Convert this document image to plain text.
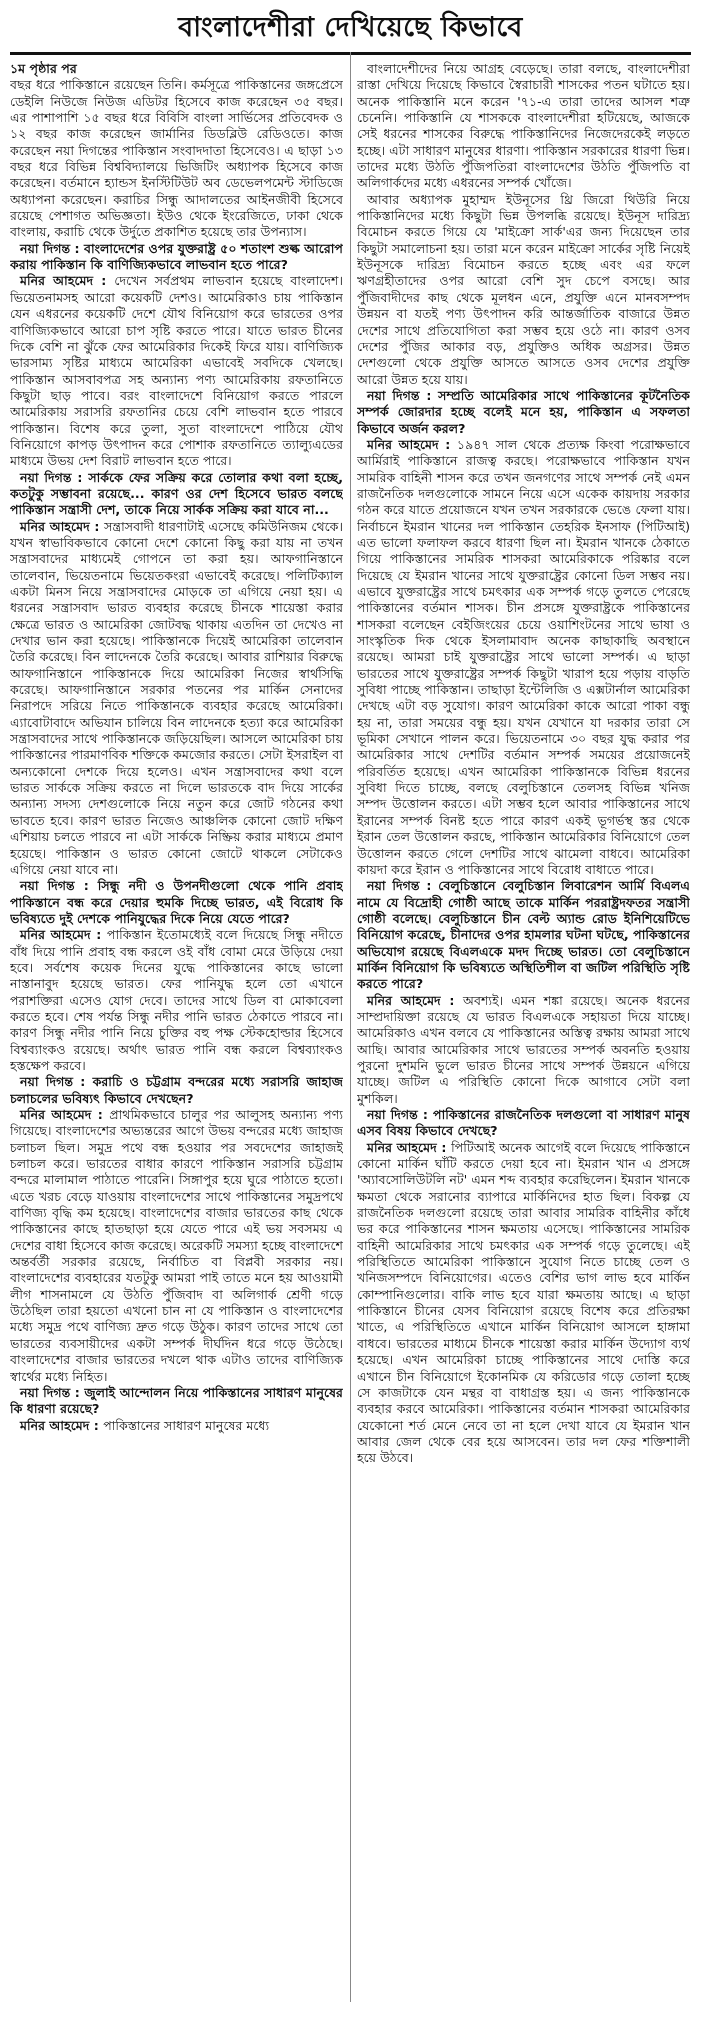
বাংলাদেশীরা দেখিয়েছে কিভাবে

১ম পৃষ্ঠার পর
বছর ধরে পাকিস্তানে রয়েছেন তিনি। কর্মসূত্রে পাকিস্তানের জঙ্গপ্রেসে ডেইলি নিউজে নিউজ এডিটর হিসেবে কাজ করেছেন ৩৫ বছর। এর পাশাপাশি ১৫ বছর ধরে বিবিসি বাংলা সার্ভিসের প্রতিবেদক ও ১২ বছর কাজ করেছেন জার্মানির ডিডব্লিউ রেডিওতে। কাজ করেছেন নয়া দিগন্তের পাকিস্তান সংবাদদাতা হিসেবেও। এ ছাড়া ১৩ বছর ধরে বিভিন্ন বিশ্ববিদ্যালয়ে ভিজিটিং অধ্যাপক হিসেবে কাজ করেছেন। বর্তমানে হ্যান্ডস ইনস্টিটিউট অব ডেভেলপমেন্ট স্টাডিজে অধ্যাপনা করেছেন। করাচির সিন্ধু আদালতের আইনজীবী হিসেবে রয়েছে পেশাগত অভিজ্ঞতা। ইউও থেকে ইংরেজিতে, ঢাকা থেকে বাংলায়, করাচি থেকে উর্দুতে প্রকাশিত হয়েছে তার উপন্যাস।

নয়া দিগন্ত : বাংলাদেশের ওপর যুক্তরাষ্ট্র ৫০ শতাংশ শুল্ক আরোপ করায় পাকিস্তান কি বাণিজ্যিকভাবে লাভবান হতে পারে?

মনির আহমেদ : দেখেন সর্বপ্রথম লাভবান হয়েছে বাংলাদেশ। ভিয়েতনামসহ আরো কয়েকটি দেশও। আমেরিকাও চায় পাকিস্তান যেন এধরনের কয়েকটি দেশে যৌথ বিনিয়োগ করে ভারতের ওপর বাণিজ্যিকভাবে আরো চাপ সৃষ্টি করতে পারে। যাতে ভারত চীনের দিকে বেশি না ঝুঁকে ফের আমেরিকার দিকেই ফিরে যায়। বাণিজ্যিক ভারসাম্য সৃষ্টির মাধ্যমে আমেরিকা এভাবেই সবদিকে খেলছে। পাকিস্তান আসবাবপত্র সহ অন্যান্য পণ্য আমেরিকায় রফতানিতে কিছুটা ছাড় পাবে। বরং বাংলাদেশে বিনিয়োগ করতে পারলে আমেরিকায় সরাসরি রফতানির চেয়ে বেশি লাভবান হতে পারবে পাকিস্তান। বিশেষ করে তুলা, সুতা বাংলাদেশে পাঠিয়ে যৌথ বিনিয়োগে কাপড় উৎপাদন করে পোশাক রফতানিতে ত্যাল্যুএডের মাধ্যমে উভয় দেশ বিরাট লাভবান হতে পারে।

নয়া দিগন্ত : সার্ককে ফের সক্রিয় করে তোলার কথা বলা হচ্ছে, কতটুকু সম্ভাবনা রয়েছে... কারণ ওর দেশ হিসেবে ভারত বলছে পাকিস্তান সন্ত্রাসী দেশ, তাকে নিয়ে সার্কক সক্রিয় করা যাবে না...

মনির আহমেদ : সন্ত্রাসবাদী ধারণাটাই এসেছে কমিউনিজম থেকে। যখন স্বাভাবিকভাবে কোনো দেশে কোনো কিছু করা যায় না তখন সন্ত্রাসবাদের মাধ্যমেই গোপনে তা করা হয়। আফগানিস্তানে তালেবান, ভিয়েতনামে ভিয়েতকংরা এভাবেই করেছে। পলিটিক্যাল একটা মিনস নিয়ে সন্ত্রাসবাদের মোড়কে তা এগিয়ে নেয়া হয়। এ ধরনের সন্ত্রাসবাদ ভারত ব্যবহার করেছে চীনকে শায়েস্তা করার ক্ষেত্রে ভারত ও আমেরিকা জোটবদ্ধ থাকায় এতদিন তা দেখেও না দেখার ভান করা হয়েছে। পাকিস্তানকে দিয়েই আমেরিকা তালেবান তৈরি করেছে। বিন লাদেনকে তৈরি করেছে। আবার রাশিয়ার বিরুদ্ধে আফগানিস্তানে পাকিস্তানকে দিয়ে আমেরিকা নিজের স্বার্থসিদ্ধি করেছে। আফগানিস্তানে সরকার পতনের পর মার্কিন সেনাদের নিরাপদে সরিয়ে নিতে পাকিস্তানকে ব্যবহার করেছে আমেরিকা। এ্যাবোটাবাদে অভিযান চালিয়ে বিন লাদেনকে হত্যা করে আমেরিকা সন্ত্রাসবাদের সাথে পাকিস্তানকে জড়িয়েছিল। আসলে আমেরিকা চায় পাকিস্তানের পারমাণবিক শক্তিকে কমজোর করতে। সেটা ইসরাইল বা অন্যকোনো দেশকে দিয়ে হলেও। এখন সন্ত্রাসবাদের কথা বলে ভারত সার্ককে সক্রিয় করতে না দিলে ভারতকে বাদ দিয়ে সার্কের অন্যান্য সদস্য দেশগুলোকে নিয়ে নতুন করে জোট গঠনের কথা ভাবতে হবে। কারণ ভারত নিজেও আঞ্চলিক কোনো জোট দক্ষিণ এশিয়ায় চলতে পারবে না এটা সার্ককে নিষ্ক্রিয় করার মাধ্যমে প্রমাণ হয়েছে। পাকিস্তান ও ভারত কোনো জোটে থাকলে সেটাকেও এগিয়ে নেয়া যাবে না।

নয়া দিগন্ত : সিন্ধু নদী ও উপনদীগুলো থেকে পানি প্রবাহ পাকিস্তানে বন্ধ করে দেয়ার হুমকি দিচ্ছে ভারত, এই বিরোধ কি ভবিষ্যতে দুই দেশকে পানিযুদ্ধের দিকে নিয়ে যেতে পারে?

মনির আহমেদ : পাকিস্তান ইতোমধ্যেই বলে দিয়েছে সিন্ধু নদীতে বাঁধ দিয়ে পানি প্রবাহ বন্ধ করলে ওই বাঁধ বোমা মেরে উড়িয়ে দেয়া হবে। সর্বশেষ কয়েক দিনের যুদ্ধে পাকিস্তানের কাছে ভালো নাস্তানাবুদ হয়েছে ভারত। ফের পানিযুদ্ধ হলে তো এখানে পরাশক্তিরা এসেও যোগ দেবে। তাদের সাথে ডিল বা মোকাবেলা করতে হবে। শেষ পর্যন্ত সিন্ধু নদীর পানি ভারত ঠেকাতে পারবে না। কারণ সিন্ধু নদীর পানি নিয়ে চুক্তির বহু পক্ষ স্টেকহোল্ডার হিসেবে বিশ্বব্যাংকও রয়েছে। অর্থাৎ ভারত পানি বন্ধ করলে বিশ্বব্যাংকও হস্তক্ষেপ করবে।

নয়া দিগন্ত : করাচি ও চট্টগ্রাম বন্দরের মধ্যে সরাসরি জাহাজ চলাচলের ভবিষ্যৎ কিভাবে দেখছেন?

মনির আহমেদ : প্রাথমিকভাবে চালুর পর আলুসহ অন্যান্য পণ্য গিয়েছে। বাংলাদেশের অভ্যন্তরের আগে উভয় বন্দরের মধ্যে জাহাজ চলাচল ছিল। সমুদ্র পথে বন্ধ হওয়ার পর সবদেশের জাহাজই চলাচল করে। ভারতের বাধার কারণে পাকিস্তান সরাসরি চট্টগ্রাম বন্দরে মালামাল পাঠাতে পারেনি। সিঙ্গাপুর হয়ে ঘুরে পাঠাতে হতো। এতে খরচ বেড়ে যাওয়ায় বাংলাদেশের সাথে পাকিস্তানের সমুদ্রপথে বাণিজ্য বৃদ্ধি কম হয়েছে। বাংলাদেশের বাজার ভারতের কাছ থেকে পাকিস্তানের কাছে হাতছাড়া হয়ে যেতে পারে এই ভয় সবসময় এ দেশের বাধা হিসেবে কাজ করেছে। অরেকটি সমস্যা হচ্ছে বাংলাদেশে অন্তর্বর্তী সরকার রয়েছে, নির্বাচিত বা বিপ্লবী সরকার নয়। বাংলাদেশের ব্যবহারের যতটুকু আমরা পাই তাতে মনে হয় আওয়ামী লীগ শাসনামলে যে উঠতি পুঁজিবাদ বা অলিগার্ক শ্রেণী গড়ে উঠেছিল তারা হয়তো এখনো চান না যে পাকিস্তান ও বাংলাদেশের মধ্যে সমুদ্র পথে বাণিজ্য দ্রুত গড়ে উঠুক। কারণ তাদের সাথে তো ভারতের ব্যবসায়ীদের একটা সম্পর্ক দীর্ঘদিন ধরে গড়ে উঠেছে। বাংলাদেশের বাজার ভারতের দখলে থাক এটাও তাদের বাণিজ্যিক স্বার্থের মধ্যে নিহিত।

নয়া দিগন্ত : জুলাই আন্দোলন নিয়ে পাকিস্তানের সাধারণ মানুষের কি ধারণা রয়েছে?

মনির আহমেদ : পাকিস্তানের সাধারণ মানুষের মধ্যে

বাংলাদেশীদের নিয়ে আগ্রহ বেড়েছে। তারা বলছে, বাংলাদেশীরা রাস্তা দেখিয়ে দিয়েছে কিভাবে স্বৈরাচারী শাসকের পতন ঘটাতে হয়। অনেক পাকিস্তানি মনে করেন '৭১-এ তারা তাদের আসল শত্রু চেনেনি। পাকিস্তানি যে শাসককে বাংলাদেশীরা হটিয়েছে, আজকে সেই ধরনের শাসকের বিরুদ্ধে পাকিস্তানিদের নিজেদেরকেই লড়তে হচ্ছে। এটা সাধারণ মানুষের ধারণা। পাকিস্তান সরকারের ধারণা ভিন্ন। তাদের মধ্যে উঠতি পুঁজিপতিরা বাংলাদেশের উঠতি পুঁজিপতি বা অলিগার্কদের মধ্যে এধরনের সম্পর্ক খোঁজে।

আবার অধ্যাপক মুহাম্মদ ইউনূসের থ্রি জিরো থিউরি নিয়ে পাকিস্তানিদের মধ্যে কিছুটা ভিন্ন উপলব্ধি রয়েছে। ইউনূস দারিদ্র্য বিমোচন করতে গিয়ে যে 'মাইক্রো সার্ক'এর জন্য দিয়েছেন তার কিছুটা সমালোচনা হয়। তারা মনে করেন মাইক্রো সার্কের সৃষ্টি নিয়েই ইউনূসকে দারিদ্র্য বিমোচন করতে হচ্ছে এবং এর ফলে ঋণগ্রহীতাদের ওপর আরো বেশি সুদ চেপে বসছে। আর পুঁজিবাদীদের কাছ থেকে মূলধন এনে, প্রযুক্তি এনে মানবসম্পদ উন্নয়ন বা যতই পণ্য উৎপাদন করি আন্তর্জাতিক বাজারে উন্নত দেশের সাথে প্রতিযোগিতা করা সম্ভব হয়ে ওঠে না। কারণ ওসব দেশের পুঁজির আকার বড়, প্রযুক্তিও অধিক অগ্রসর। উন্নত দেশগুলো থেকে প্রযুক্তি আসতে আসতে ওসব দেশের প্রযুক্তি আরো উন্নত হয়ে যায়।

নয়া দিগন্ত : সম্প্রতি আমেরিকার সাথে পাকিস্তানের কূটনৈতিক সম্পর্ক জোরদার হচ্ছে বলেই মনে হয়, পাকিস্তান এ সফলতা কিভাবে অর্জন করল?

মনির আহমেদ : ১৯৪৭ সাল থেকে প্রত্যক্ষ কিংবা পরোক্ষভাবে আর্মিরাই পাকিস্তানে রাজত্ব করছে। পরোক্ষভাবে পাকিস্তান যখন সামরিক বাহিনী শাসন করে তখন জনগণের সাথে সম্পর্ক নেই এমন রাজনৈতিক দলগুলোকে সামনে নিয়ে এসে একেক কায়দায় সরকার গঠন করে যাতে প্রয়োজনে যখন তখন সরকারকে ভেঙে ফেলা যায়। নির্বাচনে ইমরান খানের দল পাকিস্তান তেহরিক ইনসাফ (পিটিআই) এত ভালো ফলাফল করবে ধারণা ছিল না। ইমরান খানকে ঠেকাতে গিয়ে পাকিস্তানের সামরিক শাসকরা আমেরিকাকে পরিষ্কার বলে দিয়েছে যে ইমরান খানের সাথে যুক্তরাষ্ট্রের কোনো ডিল সম্ভব নয়। এভাবে যুক্তরাষ্ট্রের সাথে চমৎকার এক সম্পর্ক গড়ে তুলতে পেরেছে পাকিস্তানের বর্তমান শাসক। চীন প্রসঙ্গে যুক্তরাষ্ট্রকে পাকিস্তানের শাসকরা বলেছেন বেইজিংয়ের চেয়ে ওয়াশিংটনের সাথে ভাষা ও সাংস্কৃতিক দিক থেকে ইসলামাবাদ অনেক কাছাকাছি অবস্থানে রয়েছে। আমরা চাই যুক্তরাষ্ট্রের সাথে ভালো সম্পর্ক। এ ছাড়া ভারতের সাথে যুক্তরাষ্ট্রের সম্পর্ক কিছুটা খারাপ হয়ে পড়ায় বাড়তি সুবিধা পাচ্ছে পাকিস্তান। তাছাড়া ইন্টেলিজি ও এক্সটার্নাল আমেরিকা দেখছে এটা বড় সুযোগ। কারণ আমেরিকা কাকে আরো পাকা বন্ধু হয় না, তারা সময়ের বন্ধু হয়। যখন যেখানে যা দরকার তারা সে ভূমিকা সেখানে পালন করে। ভিয়েতনামে ৩০ বছর যুদ্ধ করার পর আমেরিকার সাথে দেশটির বর্তমান সম্পর্ক সময়ের প্রয়োজনেই পরিবর্তিত হয়েছে। এখন আমেরিকা পাকিস্তানকে বিভিন্ন ধরনের সুবিধা দিতে চাচ্ছে, বলছে বেলুচিস্তানে তেলসহ বিভিন্ন খনিজ সম্পদ উত্তোলন করতে। এটা সম্ভব হলে আবার পাকিস্তানের সাথে ইরানের সম্পর্ক বিনষ্ট হতে পারে কারণ একই ভূগর্ভস্থ স্তর থেকে ইরান তেল উত্তোলন করছে, পাকিস্তান আমেরিকার বিনিয়োগে তেল উত্তোলন করতে গেলে দেশটির সাথে ঝামেলা বাধবে। আমেরিকা কায়দা করে ইরান ও পাকিস্তানের সাথে বিরোধ বাধাতে পারে।

নয়া দিগন্ত : বেলুচিস্তানে বেলুচিস্তান লিবারেশন আর্মি বিএলএ নামে যে বিদ্রোহী গোষ্ঠী আছে তাকে মার্কিন পররাষ্ট্রদফতর সন্ত্রাসী গোষ্ঠী বলেছে। বেলুচিস্তানে চীন বেল্ট অ্যান্ড রোড ইনিশিয়েটিভে বিনিয়োগ করেছে, চীনাদের ওপর হামলার ঘটনা ঘটছে, পাকিস্তানের অভিযোগ রয়েছে বিএলএকে মদদ দিচ্ছে ভারত। তো বেলুচিস্তানে মার্কিন বিনিয়োগ কি ভবিষ্যতে অস্থিতিশীল বা জটিল পরিস্থিতি সৃষ্টি করতে পারে?

মনির আহমেদ : অবশ্যই। এমন শঙ্কা রয়েছে। অনেক ধরনের সাম্প্রদায়িক্তা রয়েছে যে ভারত বিএলএকে সহায়তা দিয়ে যাচ্ছে। আমেরিকাও এখন বলবে যে পাকিস্তানের অস্তিত্ব রক্ষায় আমরা সাথে আছি। আবার আমেরিকার সাথে ভারতের সম্পর্ক অবনতি হওয়ায় পুরনো দুশমনি ভুলে ভারত চীনের সাথে সম্পর্ক উন্নয়নে এগিয়ে যাচ্ছে। জটিল এ পরিস্থিতি কোনো দিকে আগাবে সেটা বলা মুশকিল।

নয়া দিগন্ত : পাকিস্তানের রাজনৈতিক দলগুলো বা সাধারণ মানুষ এসব বিষয় কিভাবে দেখছে?

মনির আহমেদ : পিটিআই অনেক আগেই বলে দিয়েছে পাকিস্তানে কোনো মার্কিন ঘাঁটি করতে দেয়া হবে না। ইমরান খান এ প্রসঙ্গে 'অ্যাবসোলিউটলি নট' এমন শব্দ ব্যবহার করেছিলেন। ইমরান খানকে ক্ষমতা থেকে সরানোর ব্যাপারে মার্কিনিদের হাত ছিল। বিকল্প যে রাজনৈতিক দলগুলো রয়েছে তারা আবার সামরিক বাহিনীর কাঁধে ভর করে পাকিস্তানের শাসন ক্ষমতায় এসেছে। পাকিস্তানের সামরিক বাহিনী আমেরিকার সাথে চমৎকার এক সম্পর্ক গড়ে তুলেছে। এই পরিস্থিতিতে আমেরিকা পাকিস্তানে সুযোগ নিতে চাচ্ছে তেল ও খনিজসম্পদে বিনিয়োগের। এতেও বেশির ভাগ লাভ হবে মার্কিন কোম্পানিগুলোর। বাকি লাভ হবে যারা ক্ষমতায় আছে। এ ছাড়া পাকিস্তানে চীনের যেসব বিনিয়োগ রয়েছে বিশেষ করে প্রতিরক্ষা খাতে, এ পরিস্থিতিতে এখানে মার্কিন বিনিয়োগ আসলে হাঙ্গামা বাধবে। ভারতের মাধ্যমে চীনকে শায়েস্তা করার মার্কিন উদ্যোগ ব্যর্থ হয়েছে। এখন আমেরিকা চাচ্ছে পাকিস্তানের সাথে দোস্তি করে এখানে চীন বিনিয়োগে ইকোনমিক যে করিডোর গড়ে তোলা হচ্ছে সে কাজটাকে যেন মন্থর বা বাধাগ্রস্ত হয়। এ জন্য পাকিস্তানকে ব্যবহার করবে আমেরিকা। পাকিস্তানের বর্তমান শাসকরা আমেরিকার যেকোনো শর্ত মেনে নেবে তা না হলে দেখা যাবে যে ইমরান খান আবার জেল থেকে বের হয়ে আসবেন। তার দল ফের শক্তিশালী হয়ে উঠবে।
